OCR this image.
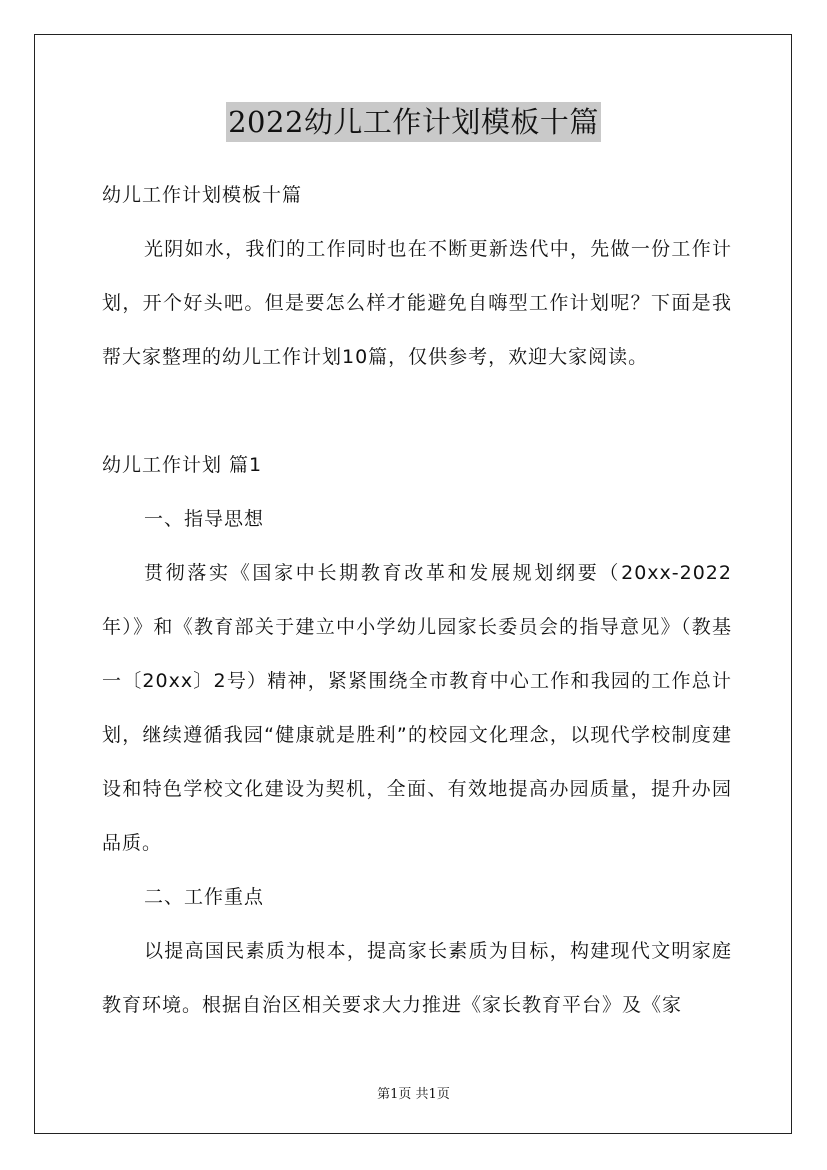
2022幼儿工作计划模板十篇

幼儿工作计划模板十篇

光阴如水，我们的工作同时也在不断更新迭代中，先做一份工作计划，开个好头吧。但是要怎么样才能避免自嗨型工作计划呢？下面是我帮大家整理的幼儿工作计划10篇，仅供参考，欢迎大家阅读。

幼儿工作计划 篇1

一、指导思想

贯彻落实《国家中长期教育改革和发展规划纲要（20xx-2022年）》和《教育部关于建立中小学幼儿园家长委员会的指导意见》（教基一〔20xx〕2号）精神，紧紧围绕全市教育中心工作和我园的工作总计划，继续遵循我园“健康就是胜利”的校园文化理念，以现代学校制度建设和特色学校文化建设为契机，全面、有效地提高办园质量，提升办园品质。

二、工作重点

以提高国民素质为根本，提高家长素质为目标，构建现代文明家庭教育环境。根据自治区相关要求大力推进《家长教育平台》及《家

第1页 共1页
